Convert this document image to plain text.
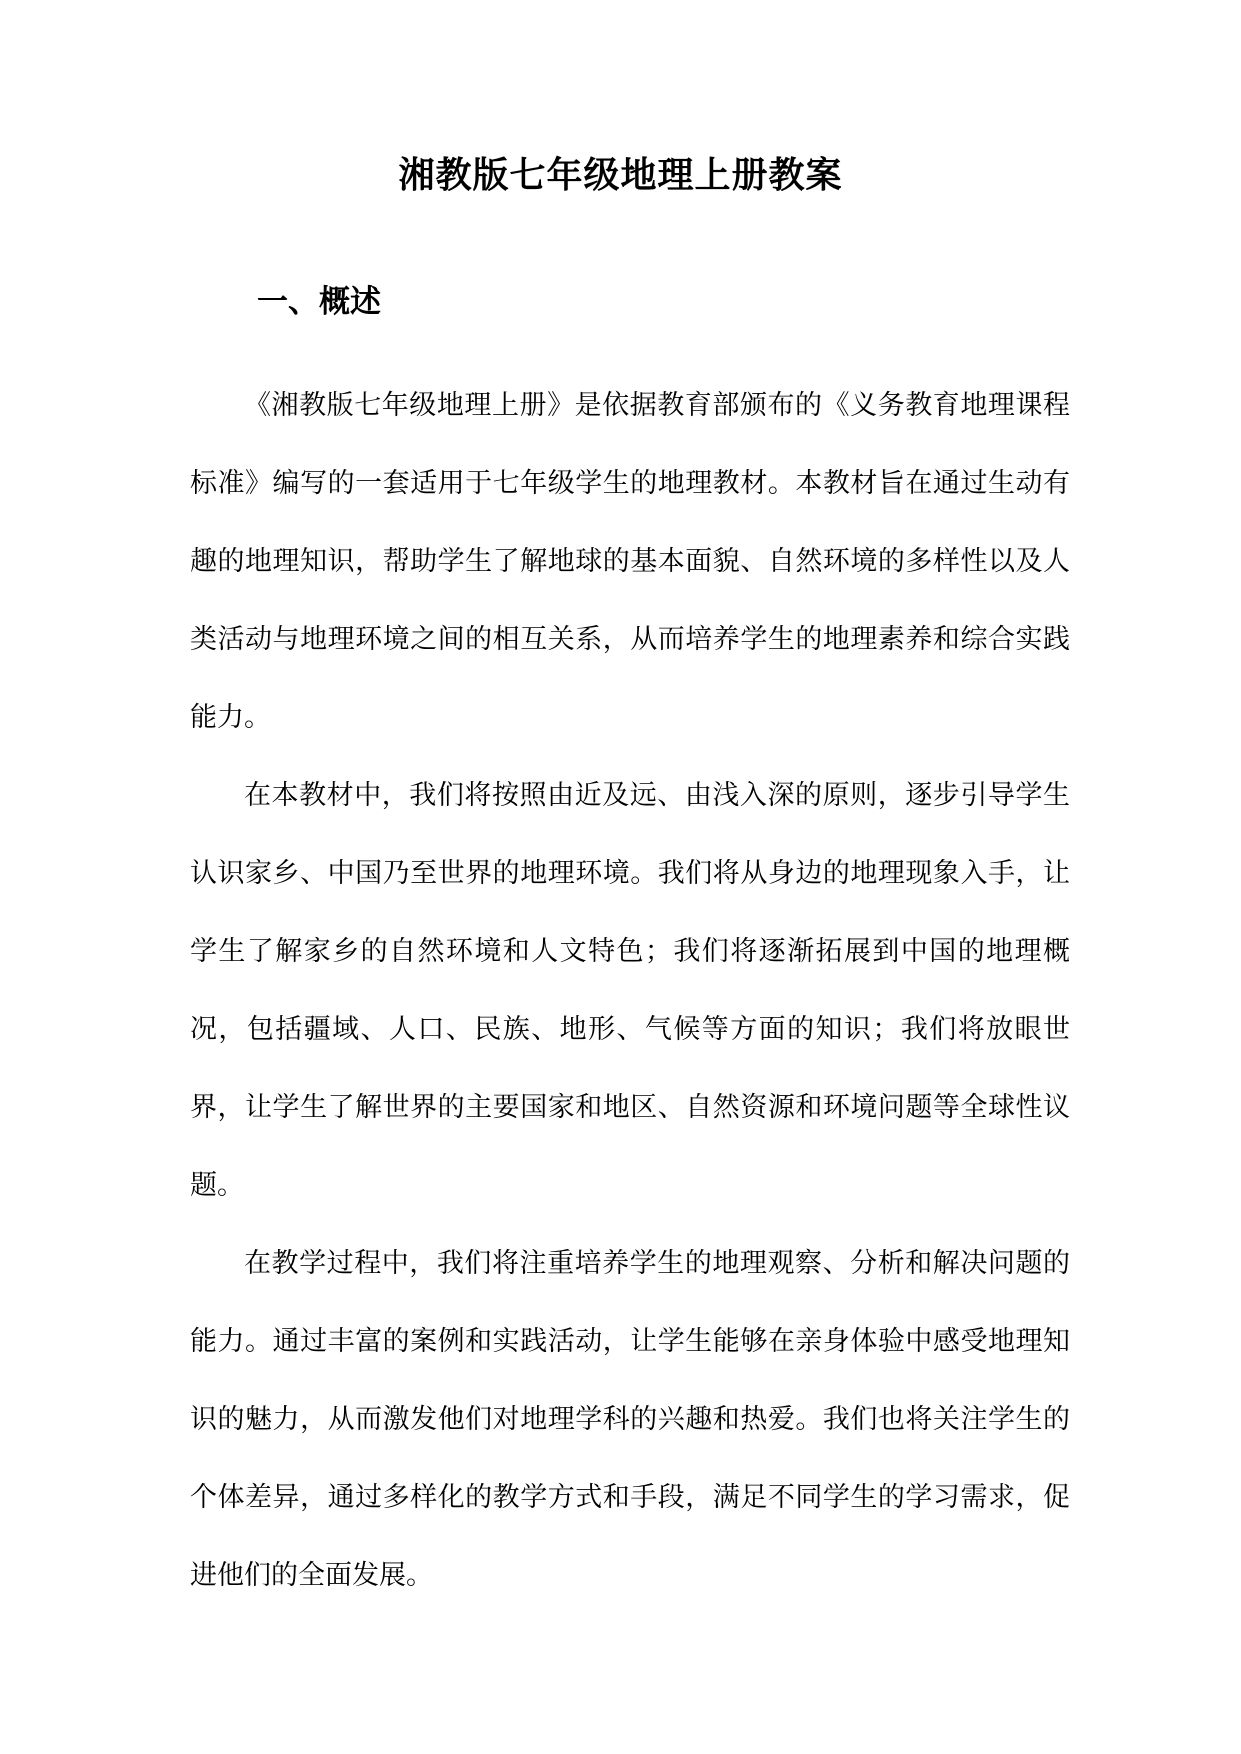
湘教版七年级地理上册教案
一、概述

《湘教版七年级地理上册》是依据教育部颁布的《义务教育地理课程标准》编写的一套适用于七年级学生的地理教材。本教材旨在通过生动有趣的地理知识，帮助学生了解地球的基本面貌、自然环境的多样性以及人类活动与地理环境之间的相互关系，从而培养学生的地理素养和综合实践能力。

在本教材中，我们将按照由近及远、由浅入深的原则，逐步引导学生认识家乡、中国乃至世界的地理环境。我们将从身边的地理现象入手，让学生了解家乡的自然环境和人文特色；我们将逐渐拓展到中国的地理概况，包括疆域、人口、民族、地形、气候等方面的知识；我们将放眼世界，让学生了解世界的主要国家和地区、自然资源和环境问题等全球性议题。

在教学过程中，我们将注重培养学生的地理观察、分析和解决问题的能力。通过丰富的案例和实践活动，让学生能够在亲身体验中感受地理知识的魅力，从而激发他们对地理学科的兴趣和热爱。我们也将关注学生的个体差异，通过多样化的教学方式和手段，满足不同学生的学习需求，促进他们的全面发展。
